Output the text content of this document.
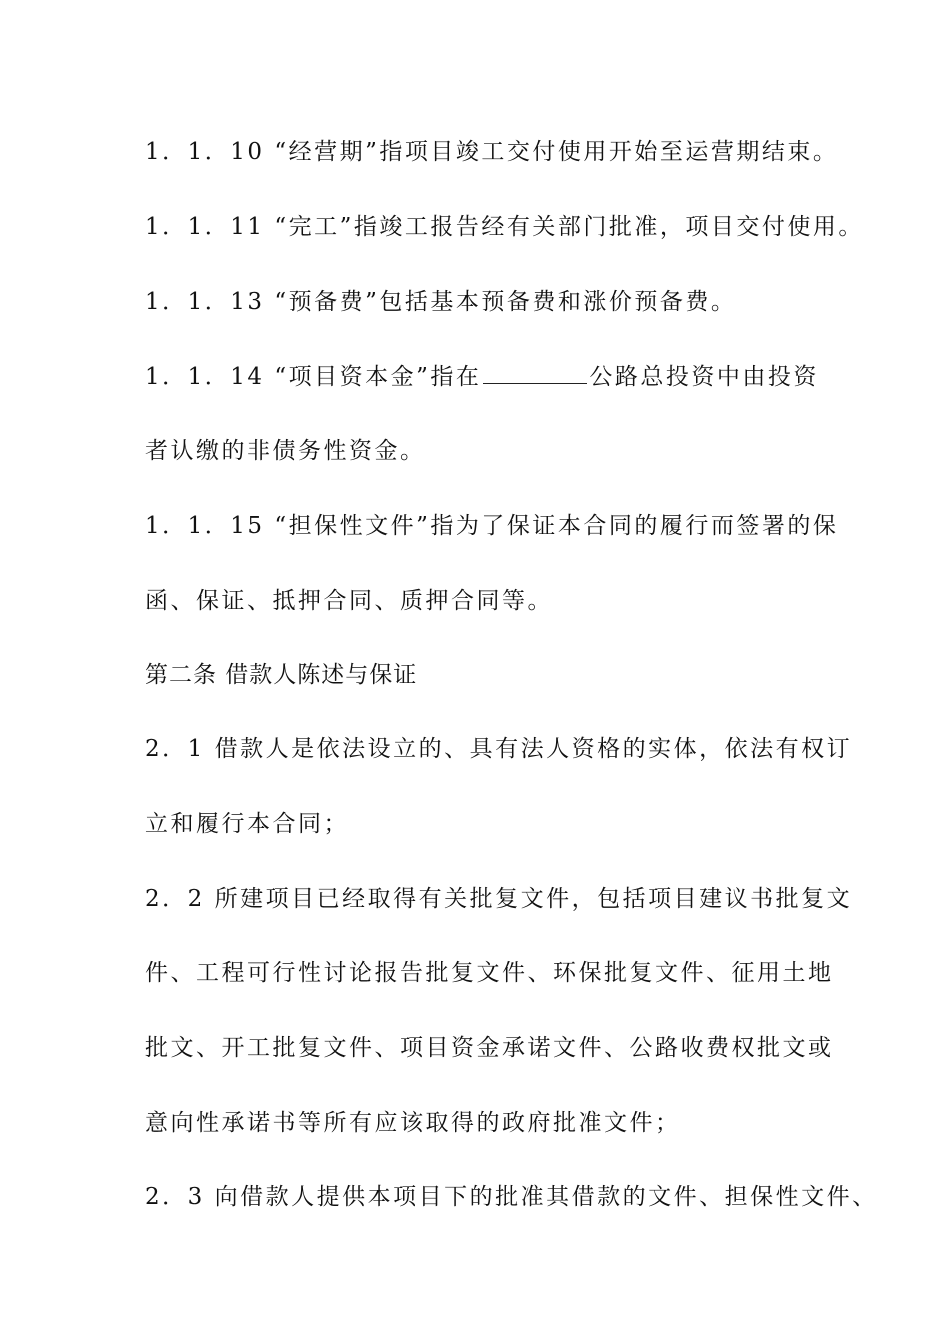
1．1．10 “经营期”指项目竣工交付使用开始至运营期结束。
1．1．11 “完工”指竣工报告经有关部门批准，项目交付使用。
1．1．13 “预备费”包括基本预备费和涨价预备费。
1．1．14 “项目资本金”指在	公路总投资中由投资
者认缴的非债务性资金。
1．1．15 “担保性文件”指为了保证本合同的履行而签署的保
函、保证、抵押合同、质押合同等。
第二条 借款人陈述与保证
2．1 借款人是依法设立的、具有法人资格的实体，依法有权订
立和履行本合同；
2．2 所建项目已经取得有关批复文件，包括项目建议书批复文
件、工程可行性讨论报告批复文件、环保批复文件、征用土地
批文、开工批复文件、项目资金承诺文件、公路收费权批文或
意向性承诺书等所有应该取得的政府批准文件；
2．3 向借款人提供本项目下的批准其借款的文件、担保性文件、
